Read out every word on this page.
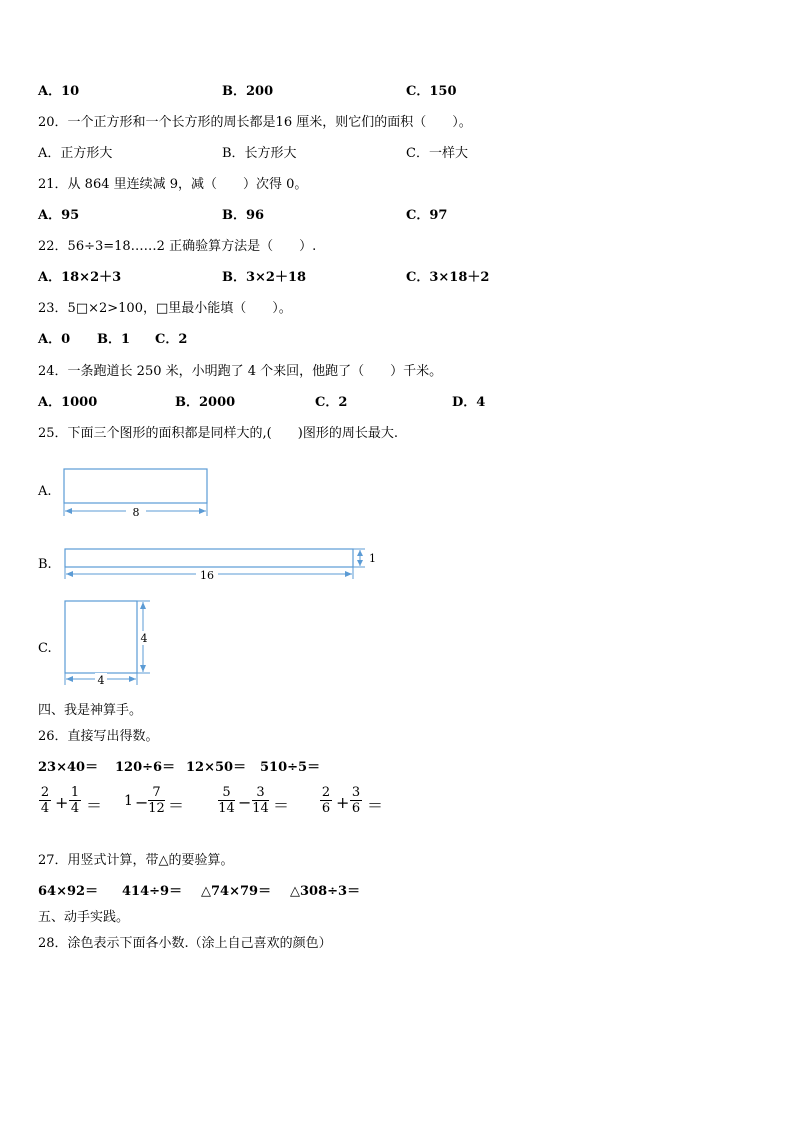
A．10	B．200	C．150
20．一个正方形和一个长方形的周长都是16 厘米，则它们的面积（　　）。
A．正方形大	B．长方形大	C．一样大
21．从 864 里连续减 9，减（　　）次得 0。
A．95	B．96	C．97
22．56÷3=18……2 正确验算方法是（　　）.
A．18×2＋3	B．3×2＋18	C．3×18＋2
23．5□×2>100，□里最小能填（　　）。
A．0 B．1 C．2
24．一条跑道长 250 米，小明跑了 4 个来回，他跑了（　　）千米。
A．1000	B．2000	C．2	D．4
25．下面三个图形的面积都是同样大的,(　　)图形的周长最大.
A.
8
B.
16
1
C.
4
4
四、我是神算手。
26．直接写出得数。
23×40＝ 120÷6＝ 12×50＝ 510÷5＝
2
4 +
1
4 ＝ 1 −
7
12 ＝
5
14 −
3
14 ＝
2
6 +
3
6 ＝
27．用竖式计算，带△的要验算。
64×92＝ 414÷9＝ △74×79＝ △308÷3＝
五、动手实践。
28．涂色表示下面各小数.（涂上自己喜欢的颜色）
